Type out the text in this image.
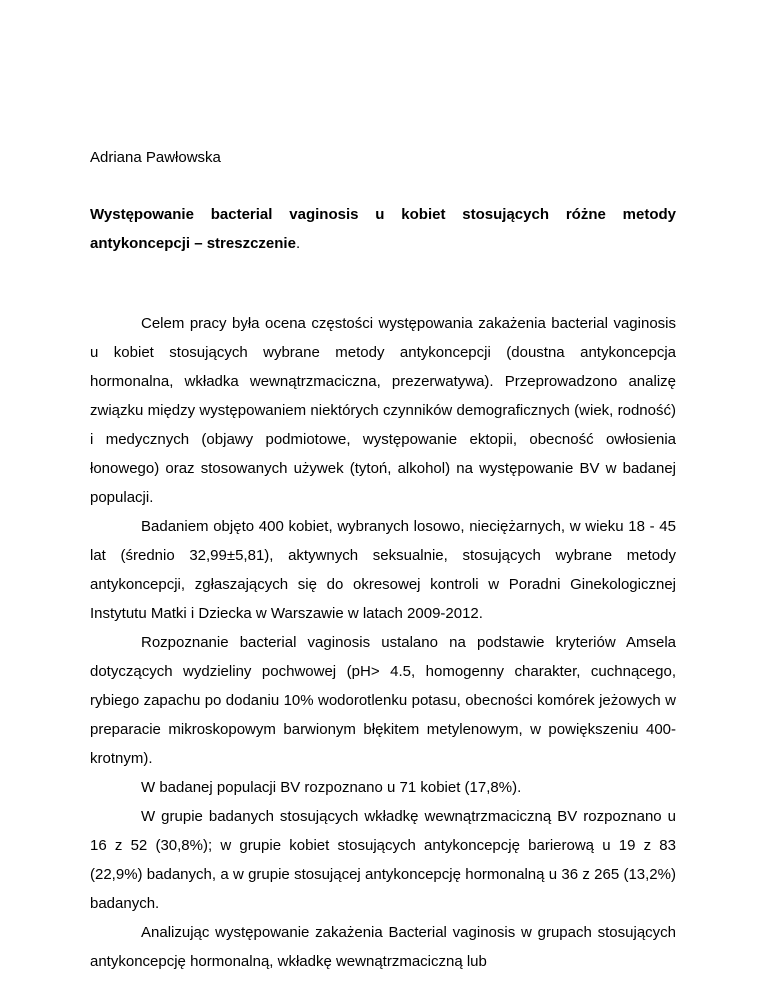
Adriana Pawłowska
Występowanie bacterial vaginosis u kobiet stosujących różne metody antykoncepcji – streszczenie.

Celem pracy była ocena częstości występowania zakażenia bacterial vaginosis u kobiet stosujących wybrane metody antykoncepcji (doustna antykoncepcja hormonalna, wkładka wewnątrzmaciczna, prezerwatywa). Przeprowadzono analizę związku między występowaniem niektórych czynników demograficznych (wiek, rodność) i medycznych (objawy podmiotowe, występowanie ektopii, obecność owłosienia łonowego) oraz stosowanych używek (tytoń, alkohol) na występowanie BV w badanej populacji.

Badaniem objęto 400 kobiet, wybranych losowo, nieciężarnych, w wieku 18 - 45 lat (średnio 32,99±5,81), aktywnych seksualnie, stosujących wybrane metody antykoncepcji, zgłaszających się do okresowej kontroli w Poradni Ginekologicznej Instytutu Matki i Dziecka w Warszawie w latach 2009-2012.

Rozpoznanie bacterial vaginosis ustalano na podstawie kryteriów Amsela dotyczących wydzieliny pochwowej (pH> 4.5, homogenny charakter, cuchnącego, rybiego zapachu po dodaniu 10% wodorotlenku potasu, obecności komórek jeżowych w preparacie mikroskopowym barwionym błękitem metylenowym, w powiększeniu 400- krotnym).

W badanej populacji BV rozpoznano u 71 kobiet (17,8%).

W grupie badanych stosujących wkładkę wewnątrzmaciczną BV rozpoznano u 16 z 52 (30,8%); w grupie kobiet stosujących antykoncepcję barierową u 19 z 83 (22,9%) badanych, a w grupie stosującej antykoncepcję hormonalną u 36 z 265 (13,2%) badanych.

Analizując występowanie zakażenia Bacterial vaginosis w grupach stosujących antykoncepcję hormonalną, wkładkę wewnątrzmaciczną lub
